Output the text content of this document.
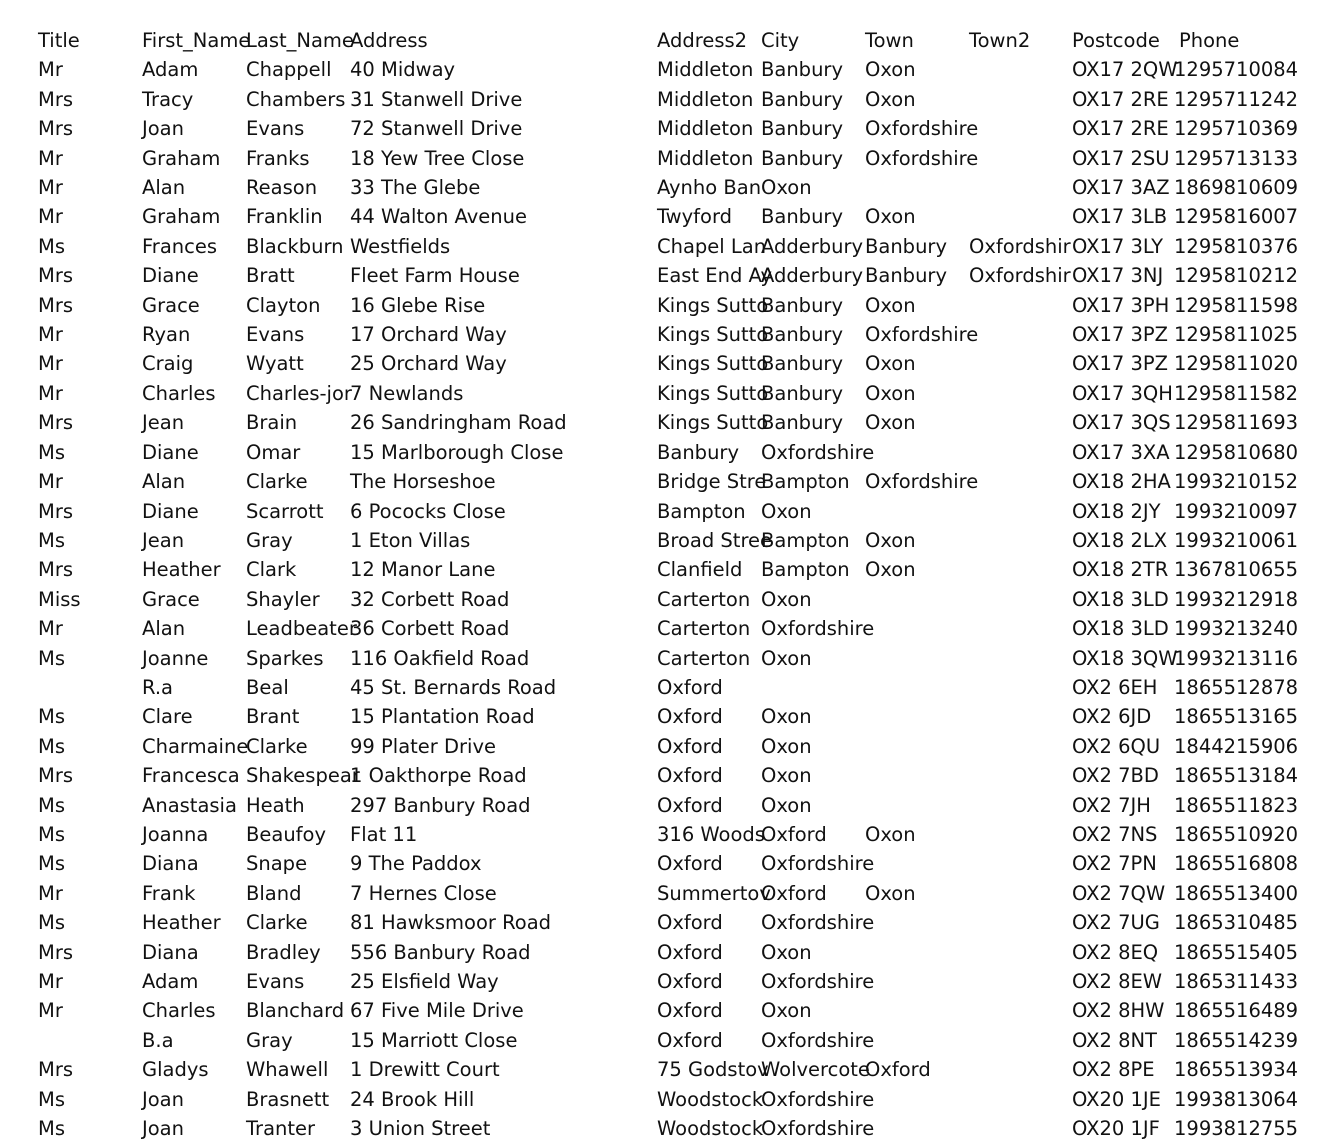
	Title	First_Name	Last_Name	Address	Address2	City	Town	Town2	Postcode	Phone
	Mr	Adam	Chappell	40 Midway	Middleton	Banbury	Oxon		OX17 2QW	1295710084
	Mrs	Tracy	Chambers	31 Stanwell Drive	Middleton	Banbury	Oxon		OX17 2RE	1295711242
	Mrs	Joan	Evans	72 Stanwell Drive	Middleton	Banbury	Oxfordshire		OX17 2RE	1295710369
	Mr	Graham	Franks	18 Yew Tree Close	Middleton	Banbury	Oxfordshire		OX17 2SU	1295713133
	Mr	Alan	Reason	33 The Glebe	Aynho Ban	Oxon			OX17 3AZ	1869810609
	Mr	Graham	Franklin	44 Walton Avenue	Twyford	Banbury	Oxon		OX17 3LB	1295816007
	Ms	Frances	Blackburn	Westfields	Chapel Lan	Adderbury	Banbury	Oxfordshir	OX17 3LY	1295810376
	Mrs	Diane	Bratt	Fleet Farm House	East End Ay	Adderbury	Banbury	Oxfordshir	OX17 3NJ	1295810212
	Mrs	Grace	Clayton	16 Glebe Rise	Kings Sutto	Banbury	Oxon		OX17 3PH	1295811598
	Mr	Ryan	Evans	17 Orchard Way	Kings Sutto	Banbury	Oxfordshire		OX17 3PZ	1295811025
	Mr	Craig	Wyatt	25 Orchard Way	Kings Sutto	Banbury	Oxon		OX17 3PZ	1295811020
	Mr	Charles	Charles-jor	7 Newlands	Kings Sutto	Banbury	Oxon		OX17 3QH	1295811582
	Mrs	Jean	Brain	26 Sandringham Road	Kings Sutto	Banbury	Oxon		OX17 3QS	1295811693
	Ms	Diane	Omar	15 Marlborough Close	Banbury	Oxfordshire			OX17 3XA	1295810680
	Mr	Alan	Clarke	The Horseshoe	Bridge Stre	Bampton	Oxfordshire		OX18 2HA	1993210152
	Mrs	Diane	Scarrott	6 Pococks Close	Bampton	Oxon			OX18 2JY	1993210097
	Ms	Jean	Gray	1 Eton Villas	Broad Stree	Bampton	Oxon		OX18 2LX	1993210061
	Mrs	Heather	Clark	12 Manor Lane	Clanfield	Bampton	Oxon		OX18 2TR	1367810655
	Miss	Grace	Shayler	32 Corbett Road	Carterton	Oxon			OX18 3LD	1993212918
	Mr	Alan	Leadbeater	36 Corbett Road	Carterton	Oxfordshire			OX18 3LD	1993213240
	Ms	Joanne	Sparkes	116 Oakfield Road	Carterton	Oxon			OX18 3QW	1993213116
		R.a	Beal	45 St. Bernards Road	Oxford				OX2 6EH	1865512878
	Ms	Clare	Brant	15 Plantation Road	Oxford	Oxon			OX2 6JD	1865513165
	Ms	Charmaine	Clarke	99 Plater Drive	Oxford	Oxon			OX2 6QU	1844215906
	Mrs	Francesca	Shakespear	1 Oakthorpe Road	Oxford	Oxon			OX2 7BD	1865513184
	Ms	Anastasia	Heath	297 Banbury Road	Oxford	Oxon			OX2 7JH	1865511823
	Ms	Joanna	Beaufoy	Flat 11	316 Woods	Oxford	Oxon		OX2 7NS	1865510920
	Ms	Diana	Snape	9 The Paddox	Oxford	Oxfordshire			OX2 7PN	1865516808
	Mr	Frank	Bland	7 Hernes Close	Summertov	Oxford	Oxon		OX2 7QW	1865513400
	Ms	Heather	Clarke	81 Hawksmoor Road	Oxford	Oxfordshire			OX2 7UG	1865310485
	Mrs	Diana	Bradley	556 Banbury Road	Oxford	Oxon			OX2 8EQ	1865515405
	Mr	Adam	Evans	25 Elsfield Way	Oxford	Oxfordshire			OX2 8EW	1865311433
	Mr	Charles	Blanchard	67 Five Mile Drive	Oxford	Oxon			OX2 8HW	1865516489
		B.a	Gray	15 Marriott Close	Oxford	Oxfordshire			OX2 8NT	1865514239
	Mrs	Gladys	Whawell	1 Drewitt Court	75 Godstov	Wolvercote	Oxford		OX2 8PE	1865513934
	Ms	Joan	Brasnett	24 Brook Hill	Woodstock	Oxfordshire			OX20 1JE	1993813064
	Ms	Joan	Tranter	3 Union Street	Woodstock	Oxfordshire			OX20 1JF	1993812755
